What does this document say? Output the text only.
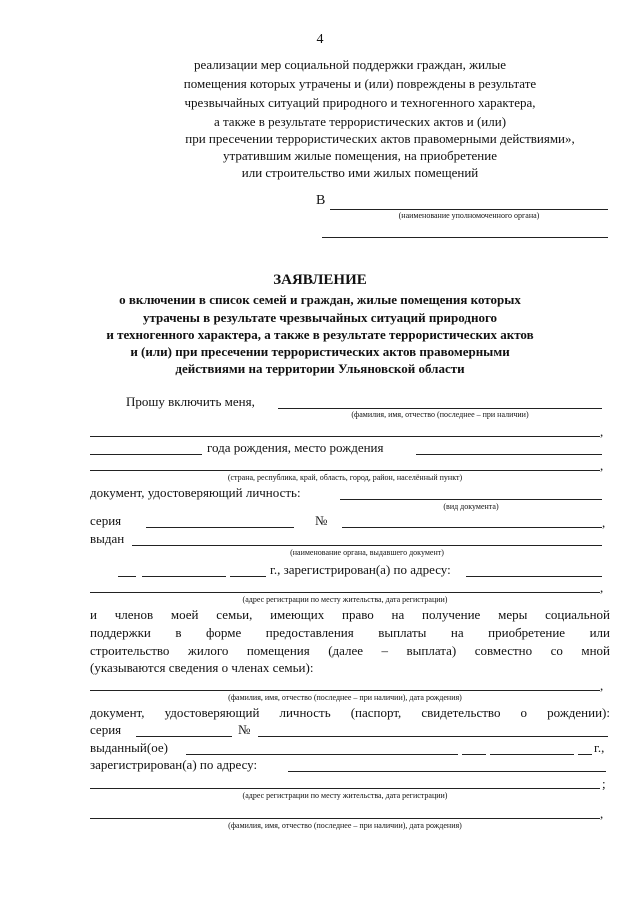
4
реализации мер социальной поддержки граждан, жилые
помещения которых утрачены и (или) повреждены в результате
чрезвычайных ситуаций природного и техногенного характера,
а также в результате террористических актов и (или)
при пресечении террористических актов правомерными действиями»,
утратившим жилые помещения, на приобретение
или строительство ими жилых помещений
В
(наименование уполномоченного органа)
ЗАЯВЛЕНИЕ
о включении в список семей и граждан, жилые помещения которых
утрачены в результате чрезвычайных ситуаций природного
и техногенного характера, а также в результате террористических актов
и (или) при пресечении террористических актов правомерными
действиями на территории Ульяновской области
Прошу включить меня,
(фамилия, имя, отчество (последнее – при наличии)
,
года рождения, место рождения
,
(страна, республика, край, область, город, район, населённый пункт)
документ, удостоверяющий личность:
(вид документа)
серия	№	,
выдан
(наименование органа, выдавшего документ)
г., зарегистрирован(а) по адресу:
,
(адрес регистрации по месту жительства, дата регистрации)
и членов моей семьи, имеющих право на получение меры социальной
поддержки в форме предоставления выплаты на приобретение или
строительство жилого помещения (далее – выплата) совместно со мной
(указываются сведения о членах семьи):
,
(фамилия, имя, отчество (последнее – при наличии), дата рождения)
документ, удостоверяющий личность (паспорт, свидетельство о рождении):
серия	№
выданный(ое)	г.,
зарегистрирован(а) по адресу:
;
(адрес регистрации по месту жительства, дата регистрации)
,
(фамилия, имя, отчество (последнее – при наличии), дата рождения)
